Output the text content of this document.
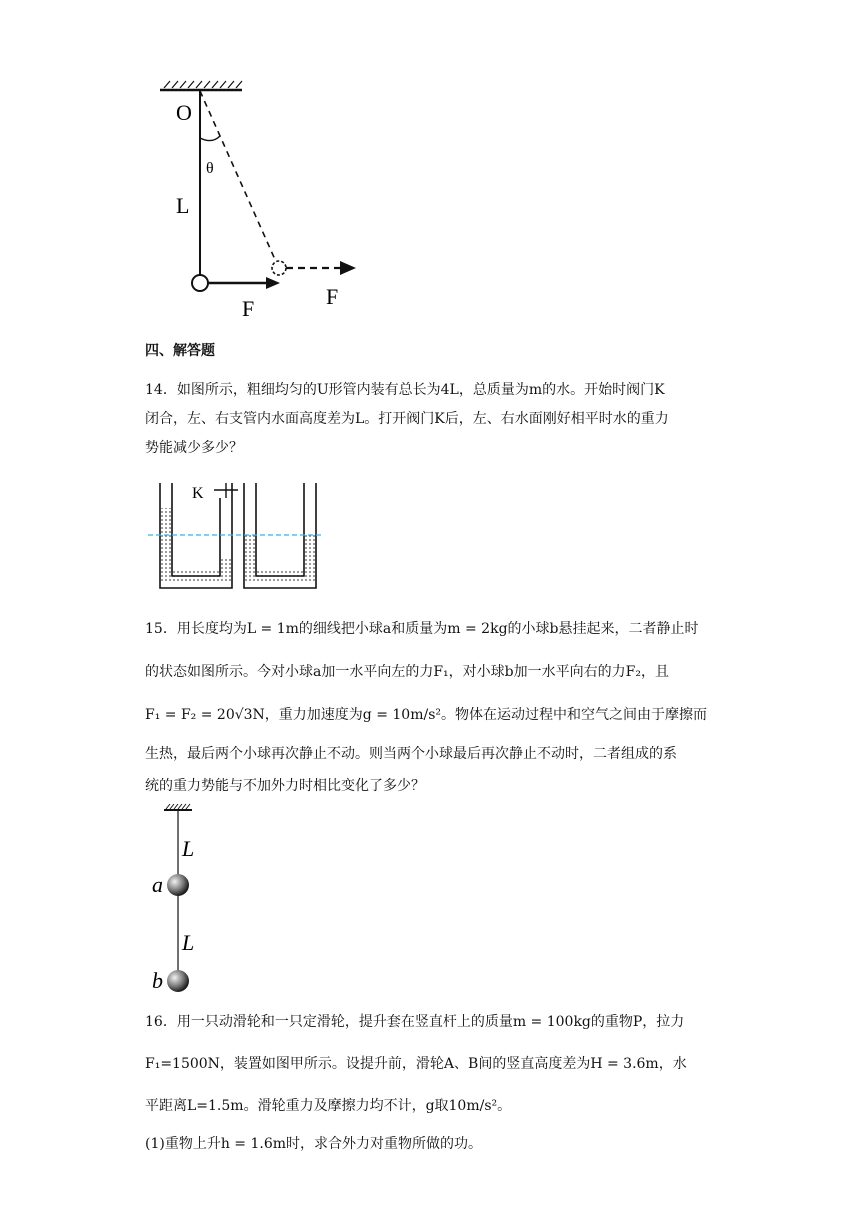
O
θ
L
F	F
四、解答题
14．如图所示，粗细均匀的U形管内装有总长为4L，总质量为m的水。开始时阀门K
闭合，左、右支管内水面高度差为L。打开阀门K后，左、右水面刚好相平时水的重力
势能减少多少？
K
15．用长度均为L = 1m的细线把小球a和质量为m = 2kg的小球b悬挂起来，二者静止时
的状态如图所示。今对小球a加一水平向左的力F₁，对小球b加一水平向右的力F₂，且
F₁ = F₂ = 20√3N，重力加速度为g = 10m/s²。物体在运动过程中和空气之间由于摩擦而
生热，最后两个小球再次静止不动。则当两个小球最后再次静止不动时，二者组成的系
统的重力势能与不加外力时相比变化了多少？
L
a
L
b
16．用一只动滑轮和一只定滑轮，提升套在竖直杆上的质量m = 100kg的重物P，拉力
F₁=1500N，装置如图甲所示。设提升前，滑轮A、B间的竖直高度差为H = 3.6m，水
平距离L=1.5m。滑轮重力及摩擦力均不计，g取10m/s²。
(1)重物上升h = 1.6m时，求合外力对重物所做的功。
